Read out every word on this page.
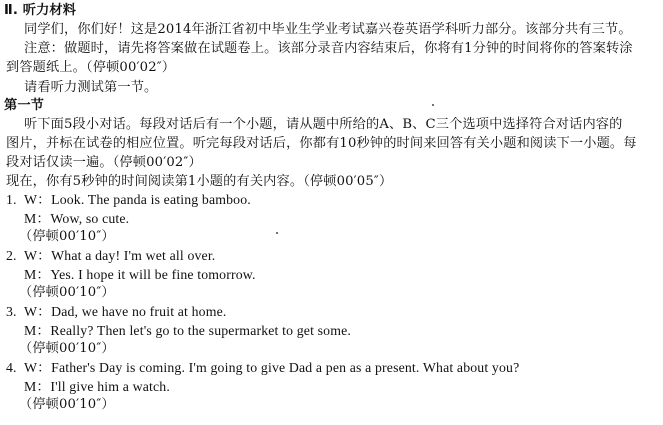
Ⅱ. 听力材料
同学们，你们好！这是2014年浙江省初中毕业生学业考试嘉兴卷英语学科听力部分。该部分共有三节。
注意：做题时，请先将答案做在试题卷上。该部分录音内容结束后，你将有1分钟的时间将你的答案转涂
到答题纸上。（停顿00′02″）
请看听力测试第一节。
第一节
听下面5段小对话。每段对话后有一个小题，请从题中所给的A、B、C三个选项中选择符合对话内容的
图片，并标在试卷的相应位置。听完每段对话后，你都有10秒钟的时间来回答有关小题和阅读下一小题。每
段对话仅读一遍。（停顿00′02″）
现在，你有5秒钟的时间阅读第1小题的有关内容。（停顿00′05″）
1. W：Look. The panda is eating bamboo.
M：Wow, so cute.
（停顿00′10″）
2. W：What a day! I'm wet all over.
M：Yes. I hope it will be fine tomorrow.
（停顿00′10″）
3. W：Dad, we have no fruit at home.
M：Really? Then let's go to the supermarket to get some.
（停顿00′10″）
4. W：Father's Day is coming. I'm going to give Dad a pen as a present. What about you?
M：I'll give him a watch.
（停顿00′10″）
